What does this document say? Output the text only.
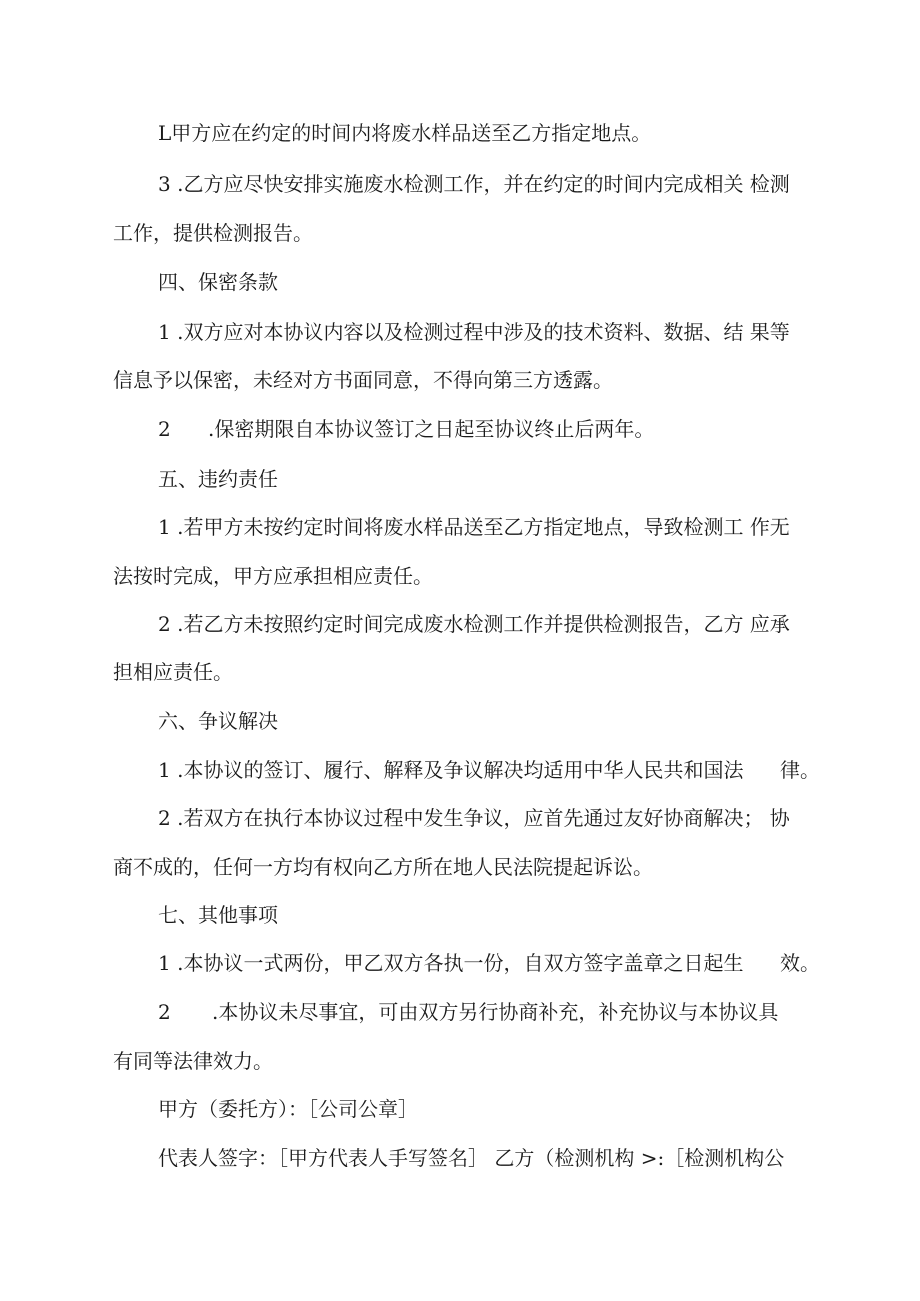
L甲方应在约定的时间内将废水样品送至乙方指定地点。
3 .乙方应尽快安排实施废水检测工作，并在约定的时间内完成相关 检测
工作，提供检测报告。
四、保密条款
1 .双方应对本协议内容以及检测过程中涉及的技术资料、数据、结 果等
信息予以保密，未经对方书面同意，不得向第三方透露。
2 .保密期限自本协议签订之日起至协议终止后两年。
五、违约责任
1 .若甲方未按约定时间将废水样品送至乙方指定地点，导致检测工 作无
法按时完成，甲方应承担相应责任。
2 .若乙方未按照约定时间完成废水检测工作并提供检测报告，乙方 应承
担相应责任。
六、争议解决
1 .本协议的签订、履行、解释及争议解决均适用中华人民共和国法 律。
2 .若双方在执行本协议过程中发生争议，应首先通过友好协商解决； 协
商不成的，任何一方均有权向乙方所在地人民法院提起诉讼。
七、其他事项
1 .本协议一式两份，甲乙双方各执一份，自双方签字盖章之日起生 效。
2 .本协议未尽事宜，可由双方另行协商补充，补充协议与本协议具
有同等法律效力。
甲方（委托方）：［公司公章］
代表人签字：［甲方代表人手写签名］ 乙方（检测机构 >:［检测机构公
